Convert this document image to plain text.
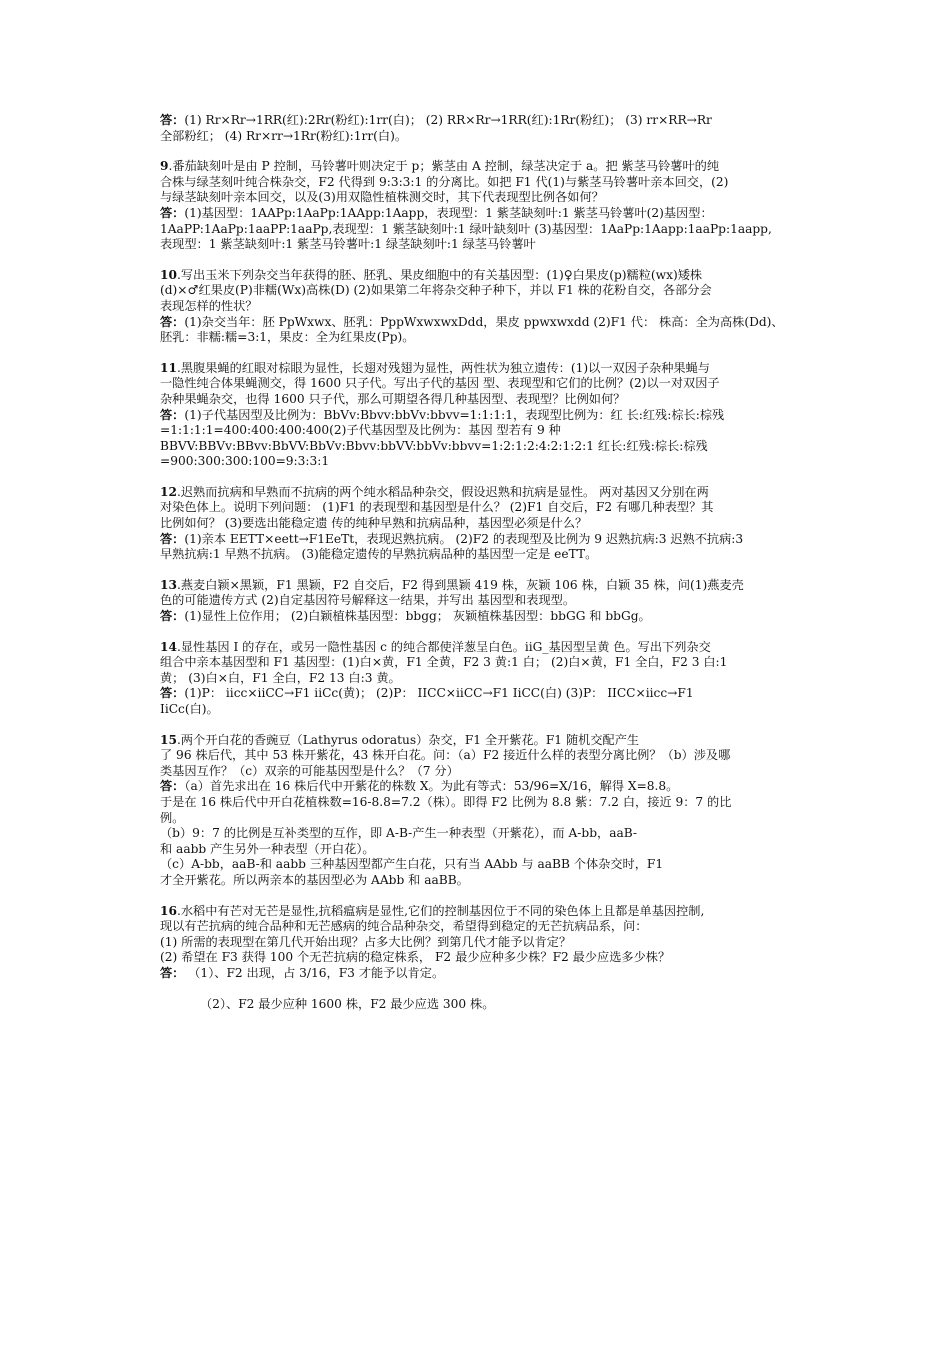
答：(1) Rr×Rr→1RR(红):2Rr(粉红):1rr(白)； (2) RR×Rr→1RR(红):1Rr(粉红)； (3) rr×RR→Rr
全部粉红； (4) Rr×rr→1Rr(粉红):1rr(白)。
9.番茄缺刻叶是由 P 控制，马铃薯叶则决定于 p；紫茎由 A 控制，绿茎决定于 a。把 紫茎马铃薯叶的纯
合株与绿茎刻叶纯合株杂交，F2 代得到 9:3:3:1 的分离比。如把 F1 代(1)与紫茎马铃薯叶亲本回交，(2)
与绿茎缺刻叶亲本回交，以及(3)用双隐性植株测交时，其下代表现型比例各如何？
答：(1)基因型：1AAPp:1AaPp:1AApp:1Aapp，表现型：1 紫茎缺刻叶:1 紫茎马铃薯叶(2)基因型：
1AaPP:1AaPp:1aaPP:1aaPp,表现型：1 紫茎缺刻叶:1 绿叶缺刻叶 (3)基因型：1AaPp:1Aapp:1aaPp:1aapp,
表现型：1 紫茎缺刻叶:1 紫茎马铃薯叶:1 绿茎缺刻叶:1 绿茎马铃薯叶
10.写出玉米下列杂交当年获得的胚、胚乳、果皮细胞中的有关基因型：(1)♀白果皮(p)糯粒(wx)矮株
(d)×♂红果皮(P)非糯(Wx)高株(D) (2)如果第二年将杂交种子种下，并以 F1 株的花粉自交，各部分会
表现怎样的性状？
答：(1)杂交当年：胚 PpWxwx、胚乳：PppWxwxwxDdd，果皮 ppwxwxdd (2)F1 代： 株高：全为高株(Dd)、
胚乳：非糯:糯=3:1，果皮：全为红果皮(Pp)。
11.黑腹果蝇的红眼对棕眼为显性，长翅对残翅为显性，两性状为独立遗传：(1)以一双因子杂种果蝇与
一隐性纯合体果蝇测交，得 1600 只子代。写出子代的基因 型、表现型和它们的比例？(2)以一对双因子
杂种果蝇杂交，也得 1600 只子代，那么可期望各得几种基因型、表现型？比例如何？
答：(1)子代基因型及比例为：BbVv:Bbvv:bbVv:bbvv=1:1:1:1，表现型比例为：红 长:红残:棕长:棕残
=1:1:1:1=400:400:400:400(2)子代基因型及比例为：基因 型若有 9 种
BBVV:BBVv:BBvv:BbVV:BbVv:Bbvv:bbVV:bbVv:bbvv=1:2:1:2:4:2:1:2:1 红长:红残:棕长:棕残
=900:300:300:100=9:3:3:1
12.迟熟而抗病和早熟而不抗病的两个纯水稻品种杂交，假设迟熟和抗病是显性。 两对基因又分别在两
对染色体上。说明下列问题： (1)F1 的表现型和基因型是什么？ (2)F1 自交后，F2 有哪几种表型？其
比例如何？ (3)要选出能稳定遗 传的纯种早熟和抗病品种，基因型必须是什么？
答：(1)亲本 EETT×eett→F1EeTt，表现迟熟抗病。 (2)F2 的表现型及比例为 9 迟熟抗病:3 迟熟不抗病:3
早熟抗病:1 早熟不抗病。 (3)能稳定遗传的早熟抗病品种的基因型一定是 eeTT。
13.燕麦白颖×黑颖，F1 黑颖，F2 自交后，F2 得到黑颖 419 株，灰颖 106 株，白颖 35 株，问(1)燕麦壳
色的可能遗传方式 (2)自定基因符号解释这一结果，并写出 基因型和表现型。
答：(1)显性上位作用； (2)白颖植株基因型：bbgg； 灰颖植株基因型：bbGG 和 bbGg。
14.显性基因 I 的存在，或另一隐性基因 c 的纯合都使洋葱呈白色。iiG_基因型呈黄 色。写出下列杂交
组合中亲本基因型和 F1 基因型：(1)白×黄，F1 全黄，F2 3 黄:1 白； (2)白×黄，F1 全白，F2 3 白:1
黄； (3)白×白，F1 全白，F2 13 白:3 黄。
答：(1)P： iicc×iiCC→F1 iiCc(黄)； (2)P： IICC×iiCC→F1 IiCC(白) (3)P： IICC×iicc→F1
IiCc(白)。
15.两个开白花的香豌豆（Lathyrus odoratus）杂交，F1 全开紫花。F1 随机交配产生
了 96 株后代，其中 53 株开紫花，43 株开白花。问：（a）F2 接近什么样的表型分离比例？（b）涉及哪
类基因互作？（c）双亲的可能基因型是什么？（7 分）
答：（a）首先求出在 16 株后代中开紫花的株数 X。为此有等式：53/96=X/16，解得 X=8.8。
于是在 16 株后代中开白花植株数=16-8.8=7.2（株）。即得 F2 比例为 8.8 紫：7.2 白，接近 9：7 的比
例。
（b）9：7 的比例是互补类型的互作，即 A-B-产生一种表型（开紫花），而 A-bb，aaB-
和 aabb 产生另外一种表型（开白花）。
（c）A-bb，aaB-和 aabb 三种基因型都产生白花，只有当 AAbb 与 aaBB 个体杂交时，F1
才全开紫花。所以两亲本的基因型必为 AAbb 和 aaBB。
16.水稻中有芒对无芒是显性,抗稻瘟病是显性,它们的控制基因位于不同的染色体上且都是单基因控制,
现以有芒抗病的纯合品种和无芒感病的纯合品种杂交，希望得到稳定的无芒抗病品系，问：
(1) 所需的表现型在第几代开始出现？占多大比例？到第几代才能予以肯定？
(2) 希望在 F3 获得 100 个无芒抗病的稳定株系， F2 最少应种多少株？F2 最少应选多少株？
答： （1）、F2 出现，占 3/16，F3 才能予以肯定。
（2）、F2 最少应种 1600 株，F2 最少应选 300 株。
